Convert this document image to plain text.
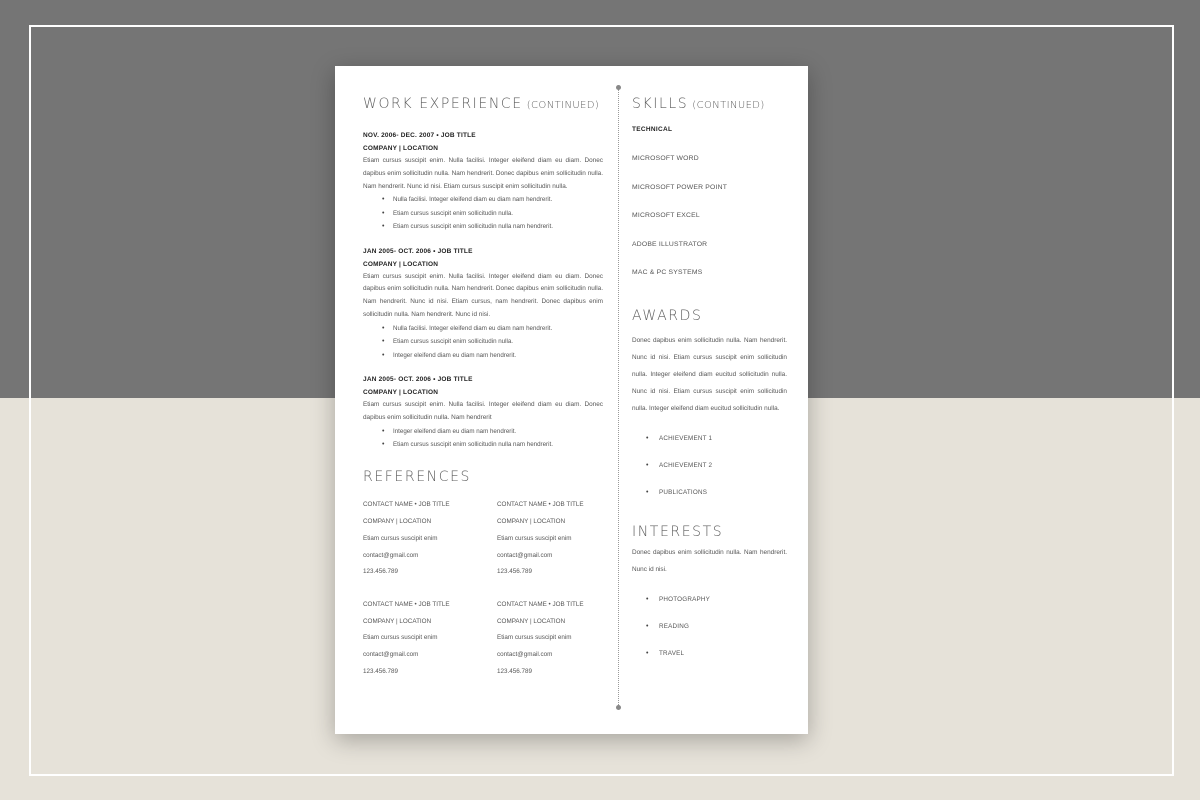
WORK EXPERIENCE (CONTINUED)
NOV. 2006- DEC. 2007 • JOB TITLE
COMPANY | LOCATION
Etiam cursus suscipit enim. Nulla facilisi. Integer eleifend diam eu diam. Donec dapibus enim sollicitudin nulla. Nam hendrerit. Donec dapibus enim sollicitudin nulla. Nam hendrerit. Nunc id nisi. Etiam cursus suscipit enim sollicitudin nulla.
• Nulla facilisi. Integer eleifend diam eu diam nam hendrerit.
• Etiam cursus suscipit enim sollicitudin nulla.
• Etiam cursus suscipit enim sollicitudin nulla nam hendrerit.
JAN 2005- OCT. 2006 • JOB TITLE
COMPANY | LOCATION
Etiam cursus suscipit enim. Nulla facilisi. Integer eleifend diam eu diam. Donec dapibus enim sollicitudin nulla. Nam hendrerit. Donec dapibus enim sollicitudin nulla. Nam hendrerit. Nunc id nisi. Etiam cursus, nam hendrerit. Donec dapibus enim sollicitudin nulla. Nam hendrerit. Nunc id nisi.
• Nulla facilisi. Integer eleifend diam eu diam nam hendrerit.
• Etiam cursus suscipit enim sollicitudin nulla.
• Integer eleifend diam eu diam nam hendrerit.
JAN 2005- OCT. 2006 • JOB TITLE
COMPANY | LOCATION
Etiam cursus suscipit enim. Nulla facilisi. Integer eleifend diam eu diam. Donec dapibus enim sollicitudin nulla. Nam hendrerit
• Integer eleifend diam eu diam nam hendrerit.
• Etiam cursus suscipit enim sollicitudin nulla nam hendrerit.
REFERENCES
CONTACT NAME • JOB TITLE
COMPANY | LOCATION
Etiam cursus suscipit enim
contact@gmail.com
123.456.789
CONTACT NAME • JOB TITLE
COMPANY | LOCATION
Etiam cursus suscipit enim
contact@gmail.com
123.456.789
CONTACT NAME • JOB TITLE
COMPANY | LOCATION
Etiam cursus suscipit enim
contact@gmail.com
123.456.789
CONTACT NAME • JOB TITLE
COMPANY | LOCATION
Etiam cursus suscipit enim
contact@gmail.com
123.456.789
SKILLS (CONTINUED)
TECHNICAL
MICROSOFT WORD
MICROSOFT POWER POINT
MICROSOFT EXCEL
ADOBE ILLUSTRATOR
MAC & PC SYSTEMS
AWARDS
Donec dapibus enim sollicitudin nulla. Nam hendrerit. Nunc id nisi. Etiam cursus suscipit enim sollicitudin nulla. Integer eleifend diam eucitud sollicitudin nulla. Nunc id nisi. Etiam cursus suscipit enim sollicitudin nulla. Integer eleifend diam eucitud sollicitudin nulla.
• ACHIEVEMENT 1
• ACHIEVEMENT 2
• PUBLICATIONS
INTERESTS
Donec dapibus enim sollicitudin nulla. Nam hendrerit. Nunc id nisi.
• PHOTOGRAPHY
• READING
• TRAVEL
